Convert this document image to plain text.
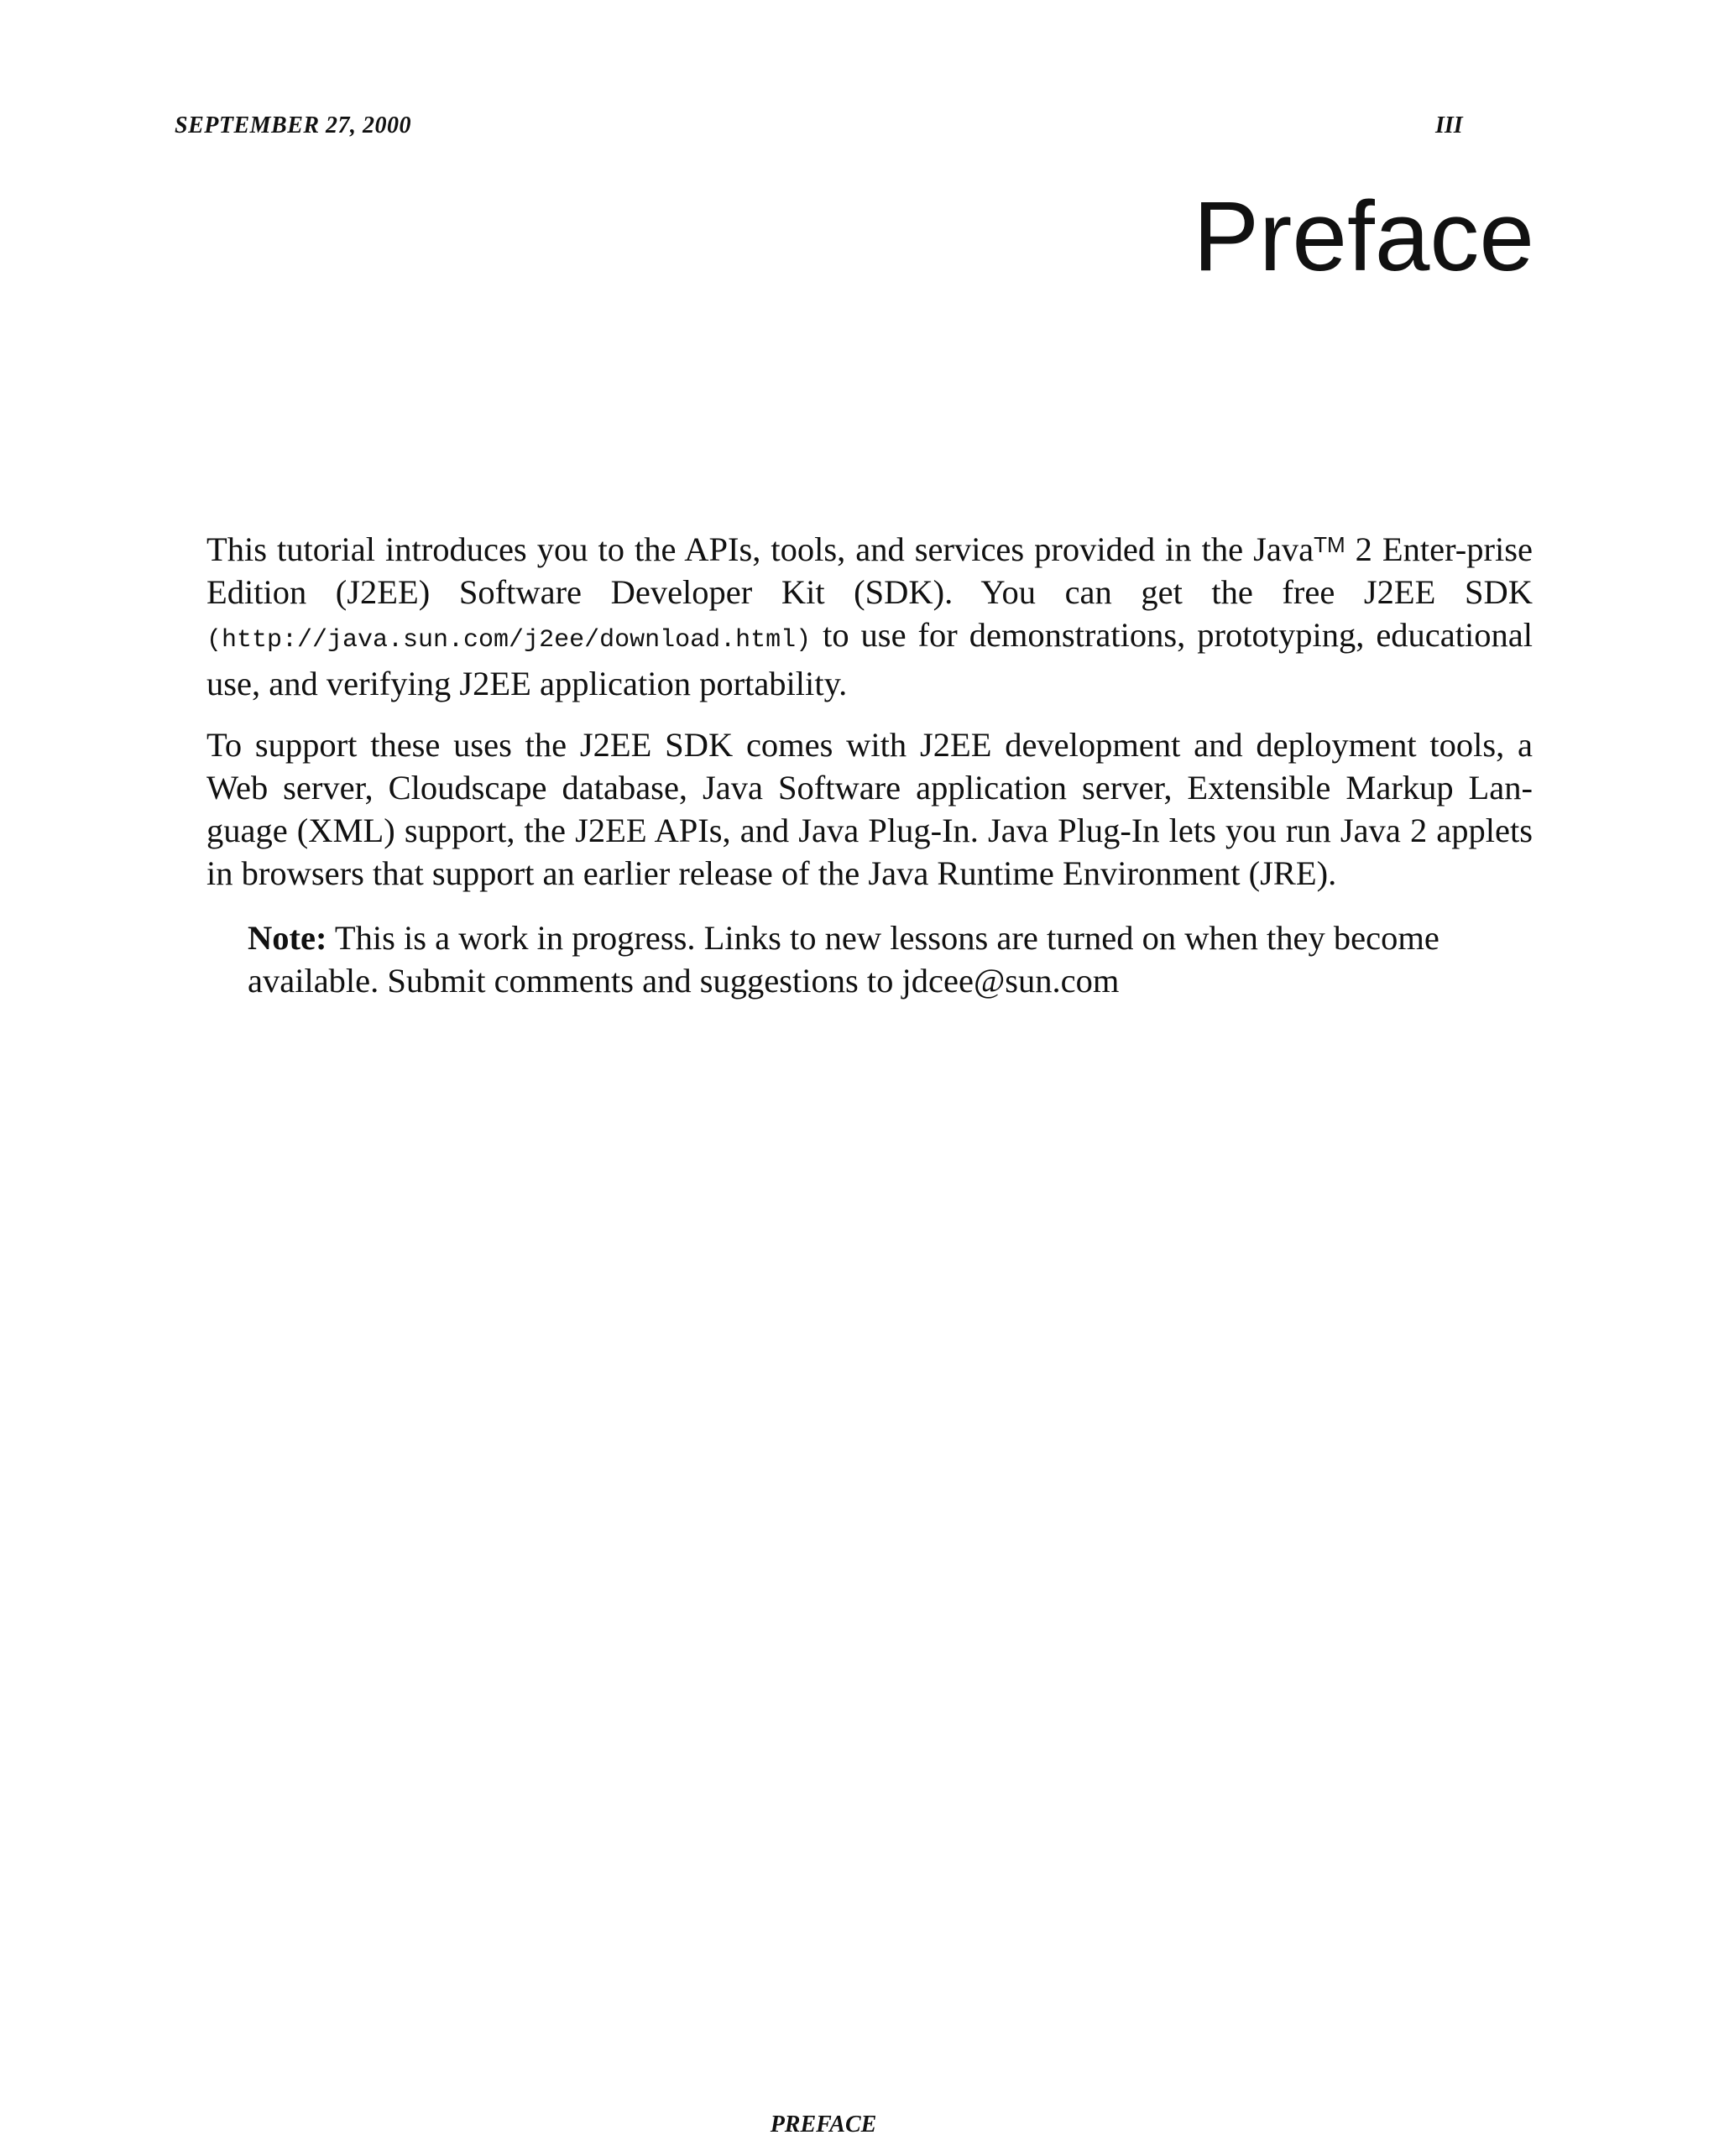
SEPTEMBER 27, 2000	III
Preface

This tutorial introduces you to the APIs, tools, and services provided in the Java™ 2 Enter-prise Edition (J2EE) Software Developer Kit (SDK). You can get the free J2EE SDK (http://java.sun.com/j2ee/download.html) to use for demonstrations, prototyping, educational use, and verifying J2EE application portability.

To support these uses the J2EE SDK comes with J2EE development and deployment tools, a Web server, Cloudscape database, Java Software application server, Extensible Markup Lan-guage (XML) support, the J2EE APIs, and Java Plug-In. Java Plug-In lets you run Java 2 applets in browsers that support an earlier release of the Java Runtime Environment (JRE).

Note: This is a work in progress. Links to new lessons are turned on when they become available. Submit comments and suggestions to jdcee@sun.com

PREFACE
